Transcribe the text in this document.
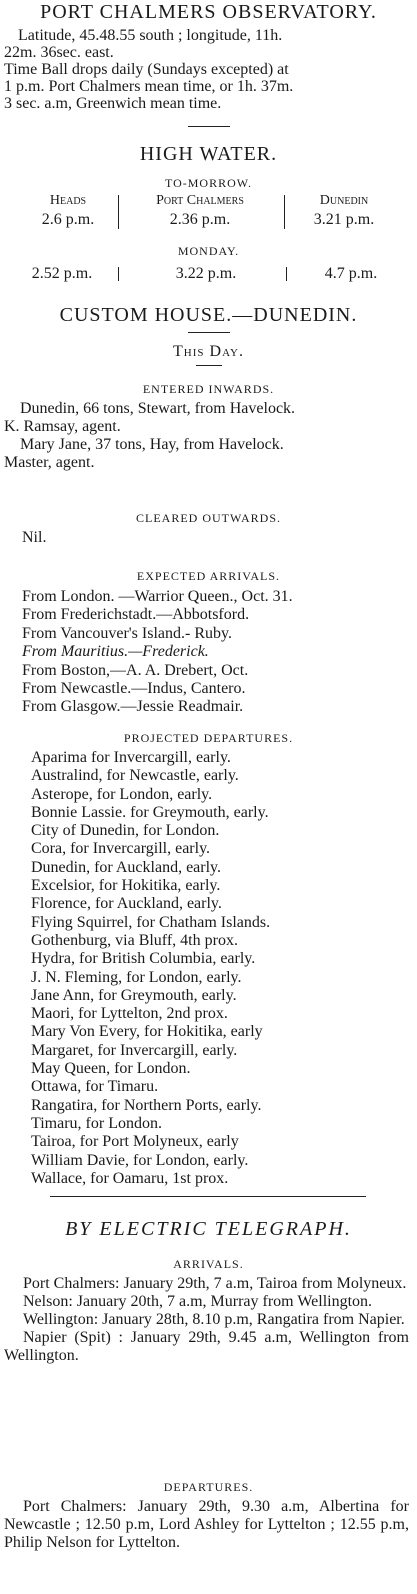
PORT CHALMERS OBSERVATORY.
Latitude, 45.48.55 south ; longitude, 11h.
22m. 36sec. east.
Time Ball drops daily (Sundays excepted) at
1 p.m. Port Chalmers mean time, or 1h. 37m.
3 sec. a.m, Greenwich mean time.
HIGH WATER.
TO-MORROW.
Heads
2.6 p.m.
Port Chalmers
2.36 p.m.
Dunedin
3.21 p.m.
MONDAY.
2.52 p.m.	3.22 p.m.	4.7 p.m.
CUSTOM HOUSE.—DUNEDIN.
This Day.
ENTERED INWARDS.
Dunedin, 66 tons, Stewart, from Havelock.
K. Ramsay, agent.
Mary Jane, 37 tons, Hay, from Havelock.
Master, agent.
CLEARED OUTWARDS.
Nil.
EXPECTED ARRIVALS.
From London. —Warrior Queen., Oct. 31.
From Frederichstadt.—Abbotsford.
From Vancouver's Island.- Ruby.
From Mauritius.—Frederick.
From Boston,—A. A. Drebert, Oct.
From Newcastle.—Indus, Cantero.
From Glasgow.—Jessie Readmair.
PROJECTED DEPARTURES.
Aparima for Invercargill, early.
Australind, for Newcastle, early.
Asterope, for London, early.
Bonnie Lassie. for Greymouth, early.
City of Dunedin, for London.
Cora, for Invercargill, early.
Dunedin, for Auckland, early.
Excelsior, for Hokitika, early.
Florence, for Auckland, early.
Flying Squirrel, for Chatham Islands.
Gothenburg, via Bluff, 4th prox.
Hydra, for British Columbia, early.
J. N. Fleming, for London, early.
Jane Ann, for Greymouth, early.
Maori, for Lyttelton, 2nd prox.
Mary Von Every, for Hokitika, early
Margaret, for Invercargill, early.
May Queen, for London.
Ottawa, for Timaru.
Rangatira, for Northern Ports, early.
Timaru, for London.
Tairoa, for Port Molyneux, early
William Davie, for London, early.
Wallace, for Oamaru, 1st prox.
BY ELECTRIC TELEGRAPH.
ARRIVALS.

Port Chalmers: January 29th, 7 a.m, Tairoa from Molyneux.

Nelson: January 20th, 7 a.m, Murray from Wellington.

Wellington: January 28th, 8.10 p.m, Rangatira from Napier.

Napier (Spit) : January 29th, 9.45 a.m, Wellington from Wellington.

DEPARTURES.

Port Chalmers: January 29th, 9.30 a.m, Albertina for Newcastle ; 12.50 p.m, Lord Ashley for Lyttelton ; 12.55 p.m, Philip Nelson for Lyttelton.
